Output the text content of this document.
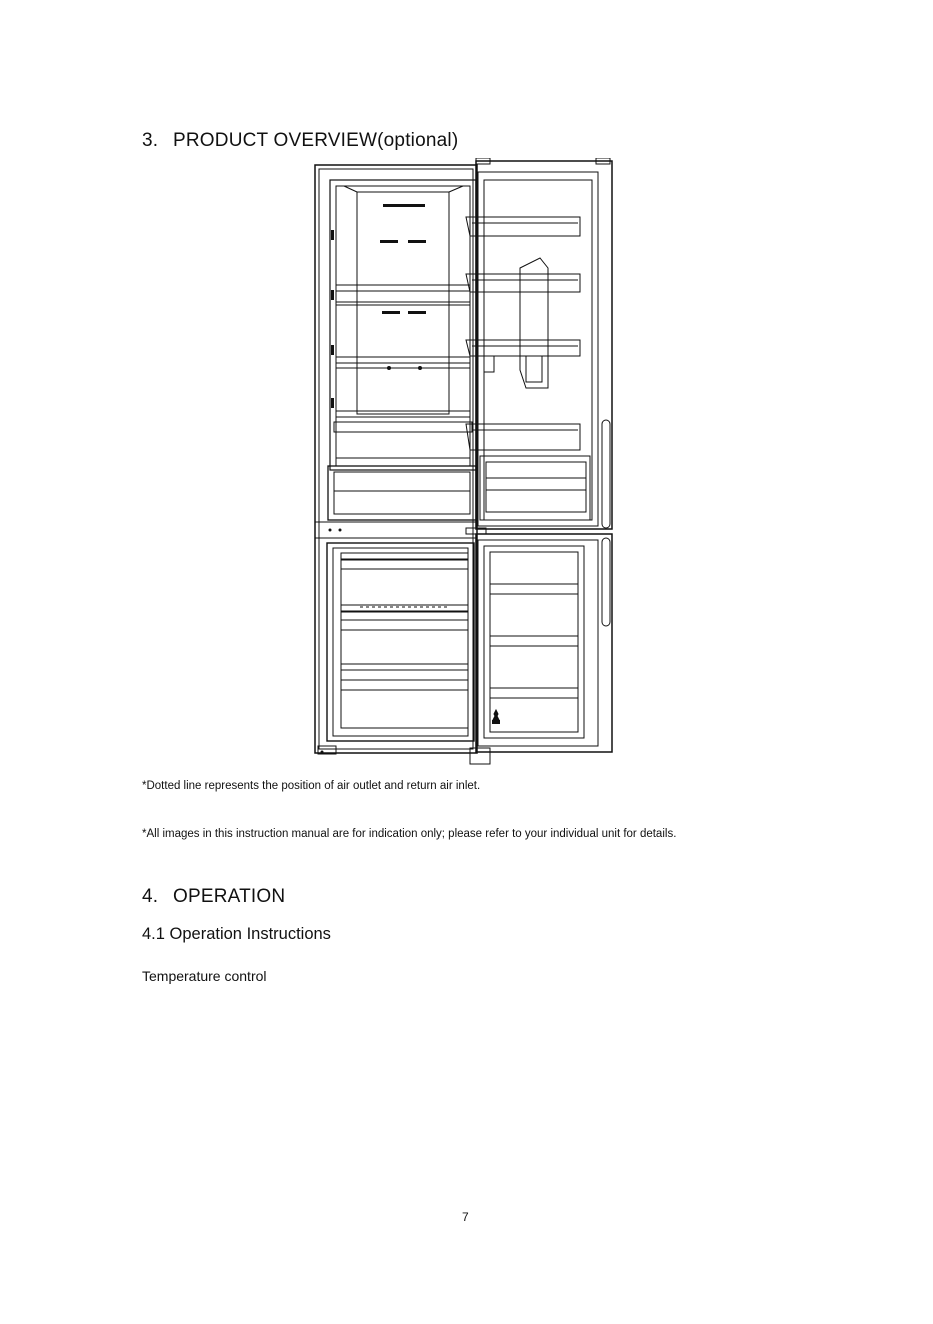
3. PRODUCT OVERVIEW(optional)
*Dotted line represents the position of air outlet and return air inlet.
*All images in this instruction manual are for indication only; please refer to your individual unit for details.
4. OPERATION
4.1 Operation Instructions
Temperature control
7
